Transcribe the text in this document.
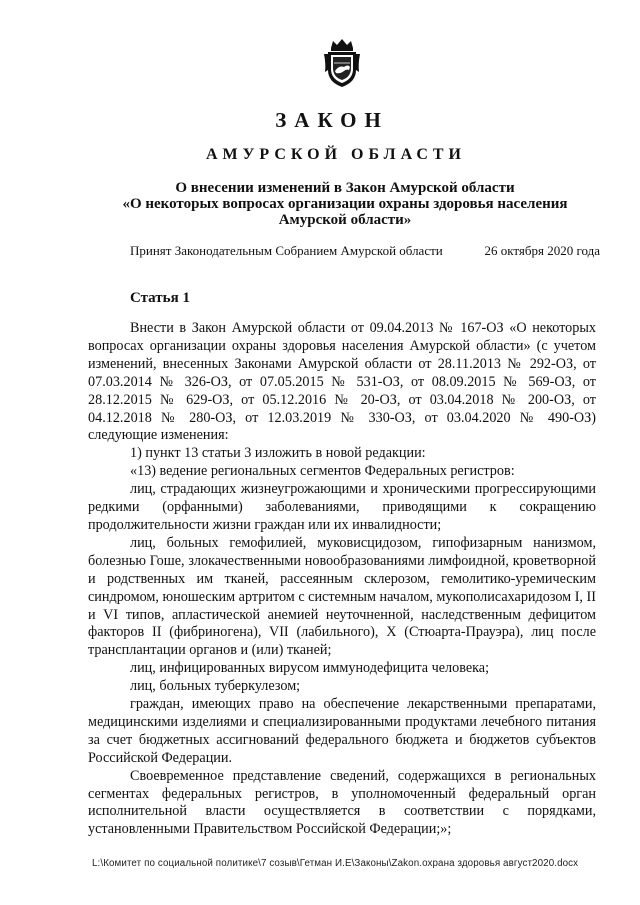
ЗАКОН
АМУРСКОЙ ОБЛАСТИ
О внесении изменений в Закон Амурской области
«О некоторых вопросах организации охраны здоровья населения
Амурской области»
Принят Законодательным Собранием Амурской области	26 октября 2020 года
Статья 1

Внести в Закон Амурской области от 09.04.2013 № 167-ОЗ «О некоторых вопросах организации охраны здоровья населения Амурской области» (с учетом изменений, внесенных Законами Амурской области от 28.11.2013 № 292-ОЗ, от 07.03.2014 № 326-ОЗ, от 07.05.2015 № 531-ОЗ, от 08.09.2015 № 569-ОЗ, от 28.12.2015 № 629-ОЗ, от 05.12.2016 № 20-ОЗ, от 03.04.2018 № 200-ОЗ, от 04.12.2018 № 280-ОЗ, от 12.03.2019 № 330-ОЗ, от 03.04.2020 № 490-ОЗ) следующие изменения:

1) пункт 13 статьи 3 изложить в новой редакции:

«13) ведение региональных сегментов Федеральных регистров:

лиц, страдающих жизнеугрожающими и хроническими прогрессирующими редкими (орфанными) заболеваниями, приводящими к сокращению продолжительности жизни граждан или их инвалидности;

лиц, больных гемофилией, муковисцидозом, гипофизарным нанизмом, болезнью Гоше, злокачественными новообразованиями лимфоидной, кроветворной и родственных им тканей, рассеянным склерозом, гемолитико-уремическим синдромом, юношеским артритом с системным началом, мукополисахаридозом I, II и VI типов, апластической анемией неуточненной, наследственным дефицитом факторов II (фибриногена), VII (лабильного), X (Стюарта-Прауэра), лиц после трансплантации органов и (или) тканей;

лиц, инфицированных вирусом иммунодефицита человека;

лиц, больных туберкулезом;

граждан, имеющих право на обеспечение лекарственными препаратами, медицинскими изделиями и специализированными продуктами лечебного питания за счет бюджетных ассигнований федерального бюджета и бюджетов субъектов Российской Федерации.

Своевременное представление сведений, содержащихся в региональных сегментах федеральных регистров, в уполномоченный федеральный орган исполнительной власти осуществляется в соответствии с порядками, установленными Правительством Российской Федерации;»;

L:\Комитет по социальной политике\7 созыв\Гетман И.Е\Законы\Zakon.охрана здоровья август2020.docx
